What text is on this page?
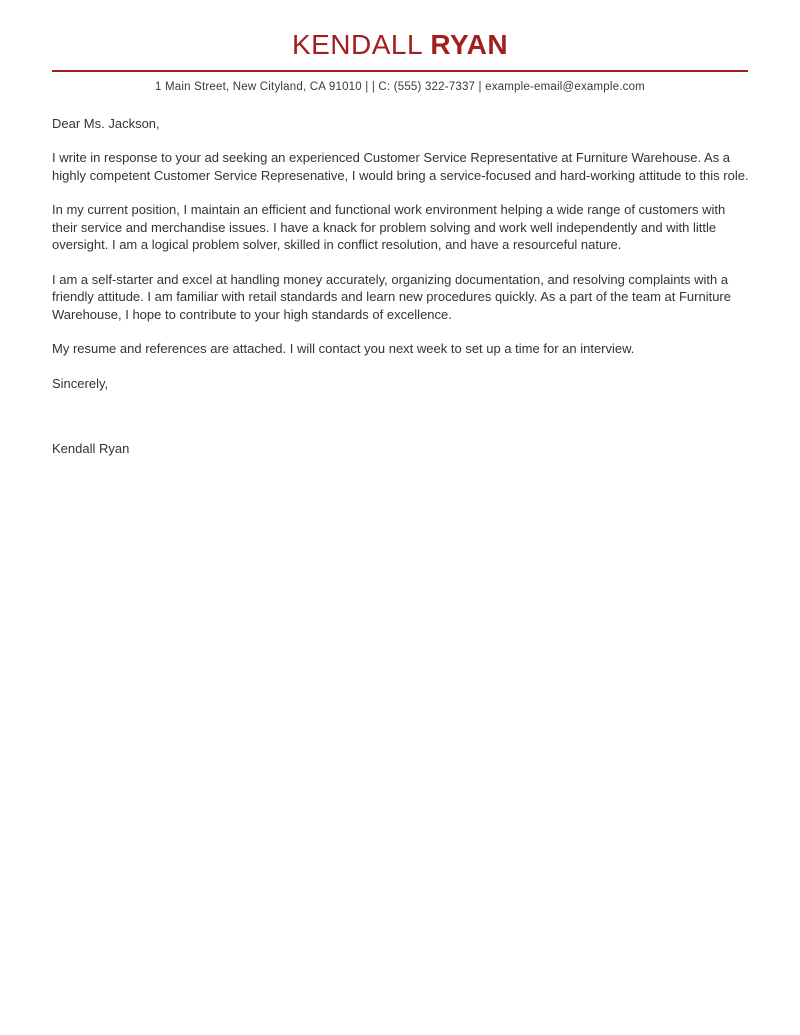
KENDALL RYAN
1 Main Street, New Cityland, CA 91010 | | C: (555) 322-7337 | example-email@example.com
Dear Ms. Jackson,
I write in response to your ad seeking an experienced Customer Service Representative at Furniture Warehouse. As a highly competent Customer Service Represenative, I would bring a service-focused and hard-working attitude to this role.
In my current position, I maintain an efficient and functional work environment helping a wide range of customers with their service and merchandise issues. I have a knack for problem solving and work well independently and with little oversight. I am a logical problem solver, skilled in conflict resolution, and have a resourceful nature.
I am a self-starter and excel at handling money accurately, organizing documentation, and resolving complaints with a friendly attitude. I am familiar with retail standards and learn new procedures quickly. As a part of the team at Furniture Warehouse, I hope to contribute to your high standards of excellence.
My resume and references are attached. I will contact you next week to set up a time for an interview.
Sincerely,
Kendall Ryan
